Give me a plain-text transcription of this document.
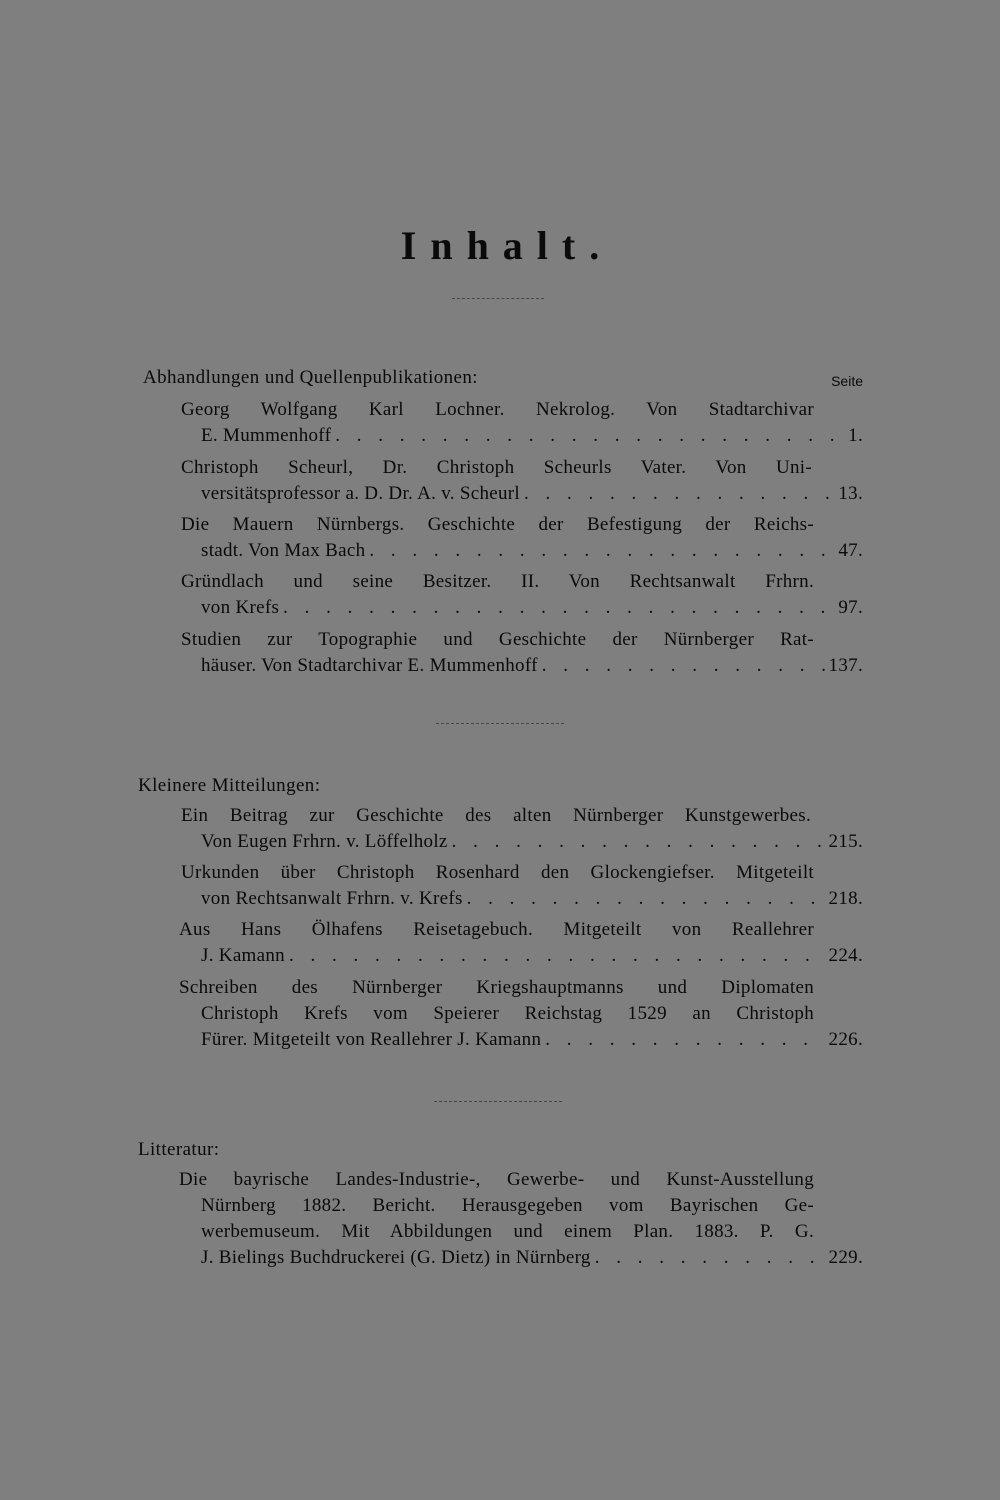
Inhalt.
Abhandlungen und Quellenpublikationen:	Seite
Georg Wolfgang Karl Lochner. Nekrolog. Von Stadtarchivar
E. Mummenhoff . . .	1.
Christoph Scheurl, Dr. Christoph Scheurls Vater. Von Uni-
versitätsprofessor a. D. Dr. A. v. Scheurl . . .	13.
Die Mauern Nürnbergs. Geschichte der Befestigung der Reichs-
stadt. Von Max Bach . . .	47.
Gründlach und seine Besitzer. II. Von Rechtsanwalt Frhrn.
von Krefs . . .	97.
Studien zur Topographie und Geschichte der Nürnberger Rat-
häuser. Von Stadtarchivar E. Mummenhoff . . .	137.
Kleinere Mitteilungen:
Ein Beitrag zur Geschichte des alten Nürnberger Kunstgewerbes.
Von Eugen Frhrn. v. Löffelholz . . .	215.
Urkunden über Christoph Rosenhard den Glockengiefser. Mitgeteilt
von Rechtsanwalt Frhrn. v. Krefs . . .	218.
Aus Hans Ölhafens Reisetagebuch. Mitgeteilt von Reallehrer
J. Kamann . . .	224.
Schreiben des Nürnberger Kriegshauptmanns und Diplomaten
Christoph Krefs vom Speierer Reichstag 1529 an Christoph
Fürer. Mitgeteilt von Reallehrer J. Kamann . . .	226.
Litteratur:
Die bayrische Landes-Industrie-, Gewerbe- und Kunst-Ausstellung
Nürnberg 1882. Bericht. Herausgegeben vom Bayrischen Ge-
werbemuseum. Mit Abbildungen und einem Plan. 1883. P. G.
J. Bielings Buchdruckerei (G. Dietz) in Nürnberg . . .	229.
